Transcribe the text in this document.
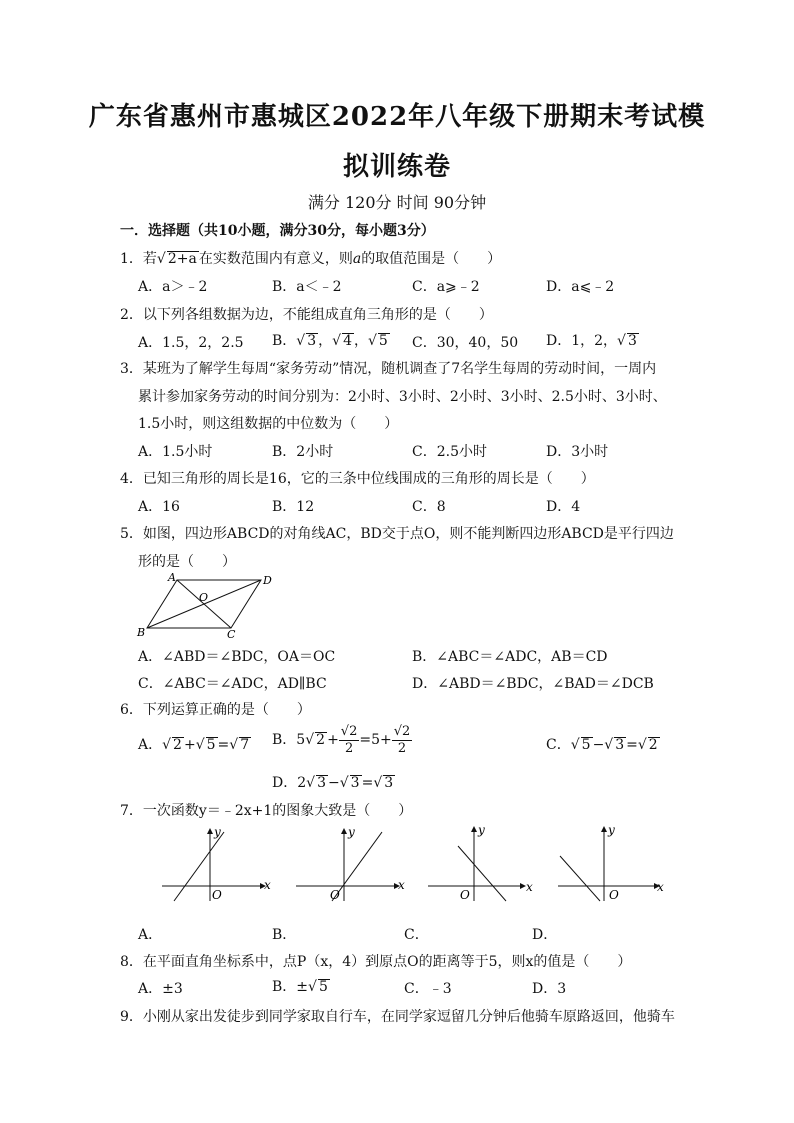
广东省惠州市惠城区2022年八年级下册期末考试模
拟训练卷
满分 120分 时间 90分钟
一．选择题（共10小题，满分30分，每小题3分）
1．若√ 2+a 在实数范围内有意义，则a的取值范围是（　　）
A．a＞﹣2	B．a＜﹣2	C．a⩾﹣2	D．a⩽﹣2
2．以下列各组数据为边，不能组成直角三角形的是（　　）
A．1.5，2，2.5 B．√ 3 ，√ 4 ，√ 5 C．30，40，50 D．1，2，√ 3
3．某班为了解学生每周“家务劳动”情况，随机调查了7名学生每周的劳动时间，一周内
累计参加家务劳动的时间分别为：2小时、3小时、2小时、3小时、2.5小时、3小时、
1.5小时，则这组数据的中位数为（　　）
A．1.5小时	B．2小时	C．2.5小时	D．3小时
4．已知三角形的周长是16，它的三条中位线围成的三角形的周长是（　　）
A．16	B．12	C．8	D．4
5．如图，四边形ABCD的对角线AC，BD交于点O，则不能判断四边形ABCD是平行四边
形的是（　　）
A	D
B	C
O
A．∠ABD＝∠BDC，OA＝OC	B．∠ABC＝∠ADC，AB＝CD
C．∠ABC＝∠ADC，AD∥BC	D．∠ABD＝∠BDC，∠BAD＝∠DCB
6．下列运算正确的是（　　）
A．√ 2 +√ 5 =√ 7 B．5√ $2 + \frac{√2}{2} =5+ \frac{√2}{2}$	C．√ 5 −√ 3 =√ 2
D．2√ 3 −√ 3 =√ 3
7．一次函数y＝﹣2x+1的图象大致是（　　）
x
y
O
x
y
O
x
y
O
x
y
O
A．	B．	C．	D．
8．在平面直角坐标系中，点P（x，4）到原点O的距离等于5，则x的值是（　　）
A．±3	B．±√ 5	C．﹣3	D．3
9．小刚从家出发徒步到同学家取自行车，在同学家逗留几分钟后他骑车原路返回，他骑车
